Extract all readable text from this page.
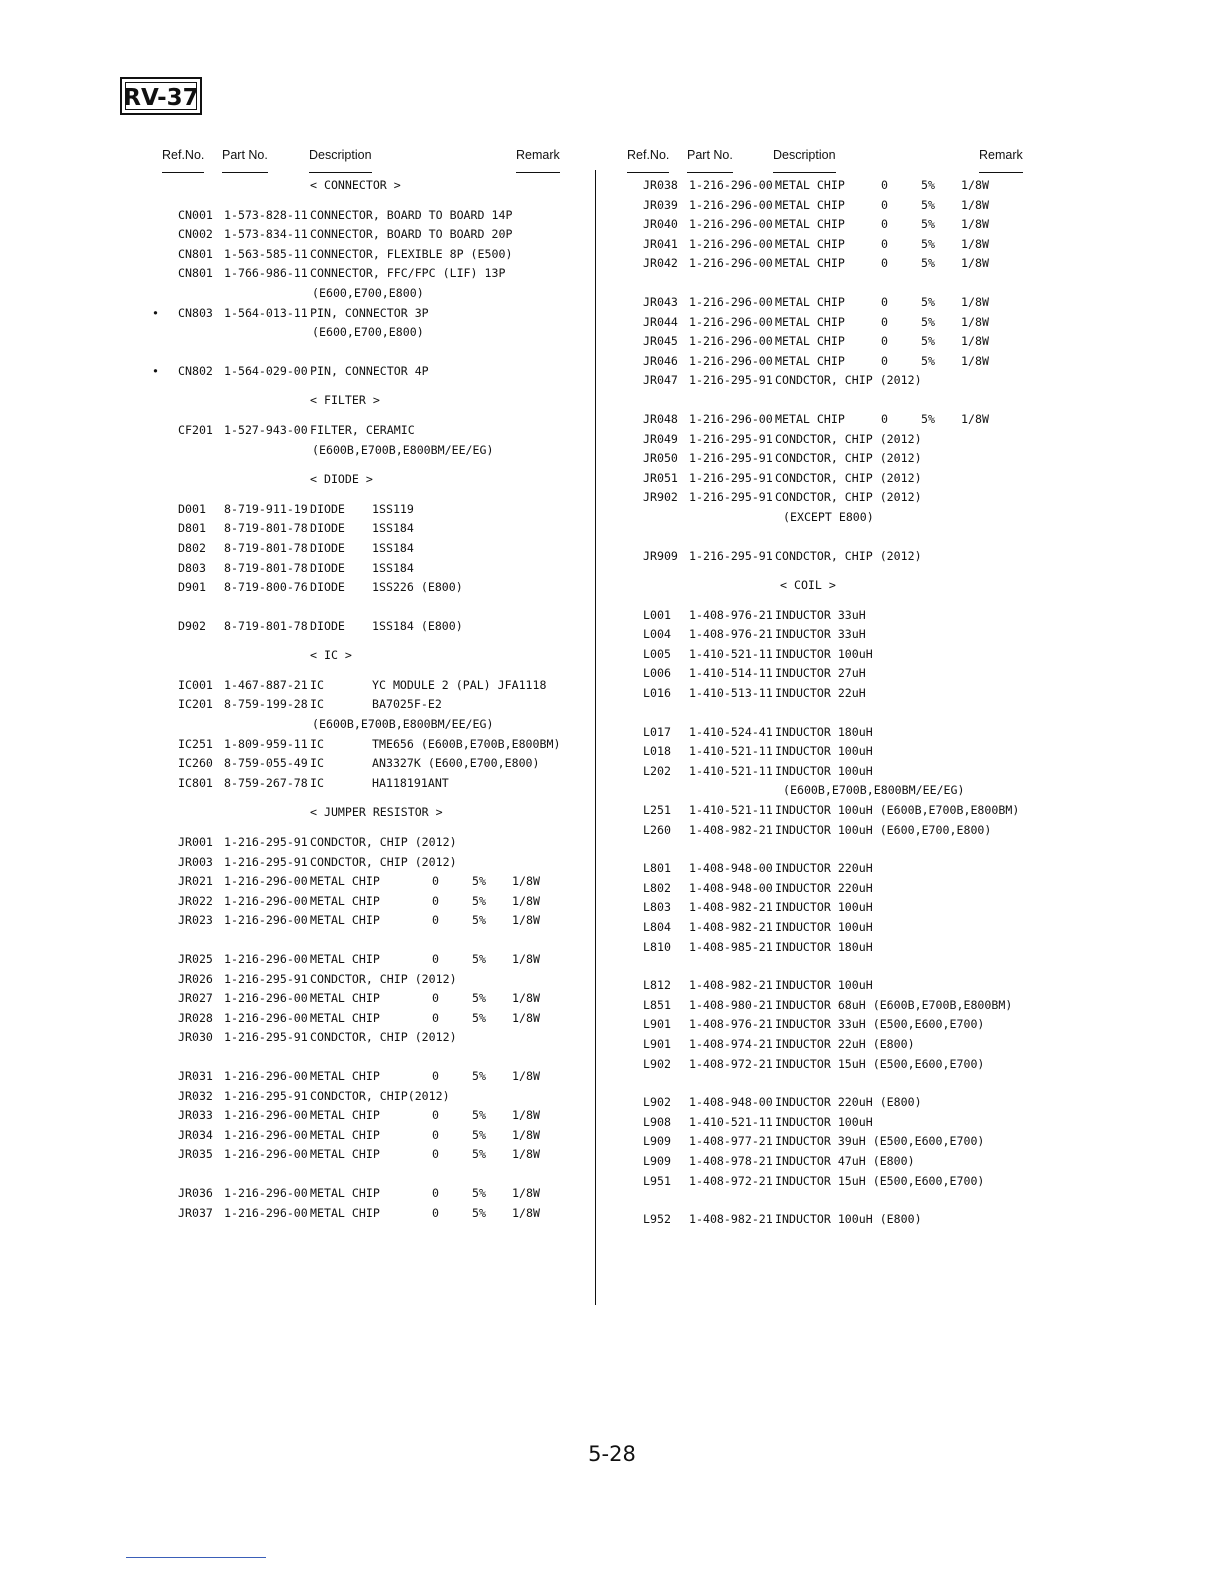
RV-37
Ref.No. Part No.	Description	Remark
< CONNECTOR >
CN001 1-573-828-11 CONNECTOR, BOARD TO BOARD 14P
CN002 1-573-834-11 CONNECTOR, BOARD TO BOARD 20P
CN801 1-563-585-11 CONNECTOR, FLEXIBLE 8P (E500)
CN801 1-766-986-11 CONNECTOR, FFC/FPC (LIF) 13P
(E600,E700,E800)
• CN803 1-564-013-11 PIN, CONNECTOR 3P
(E600,E700,E800)
• CN802 1-564-029-00 PIN, CONNECTOR 4P
< FILTER >
CF201 1-527-943-00 FILTER, CERAMIC
(E600B,E700B,E800BM/EE/EG)
< DIODE >
D001 8-719-911-19 DIODE 1SS119
D801 8-719-801-78 DIODE 1SS184
D802 8-719-801-78 DIODE 1SS184
D803 8-719-801-78 DIODE 1SS184
D901 8-719-800-76 DIODE 1SS226 (E800)
D902 8-719-801-78 DIODE 1SS184 (E800)
< IC >
IC001 1-467-887-21 IC	YC MODULE 2 (PAL) JFA1118
IC201 8-759-199-28 IC	BA7025F-E2
(E600B,E700B,E800BM/EE/EG)
IC251 1-809-959-11 IC	TME656 (E600B,E700B,E800BM)
IC260 8-759-055-49 IC	AN3327K (E600,E700,E800)
IC801 8-759-267-78 IC	HA118191ANT
< JUMPER RESISTOR >
JR001 1-216-295-91 CONDCTOR, CHIP (2012)
JR003 1-216-295-91 CONDCTOR, CHIP (2012)
JR021 1-216-296-00 METAL CHIP	0	5% 1/8W
JR022 1-216-296-00 METAL CHIP	0	5% 1/8W
JR023 1-216-296-00 METAL CHIP	0	5% 1/8W
JR025 1-216-296-00 METAL CHIP	0	5% 1/8W
JR026 1-216-295-91 CONDCTOR, CHIP (2012)
JR027 1-216-296-00 METAL CHIP	0	5% 1/8W
JR028 1-216-296-00 METAL CHIP	0	5% 1/8W
JR030 1-216-295-91 CONDCTOR, CHIP (2012)
JR031 1-216-296-00 METAL CHIP	0	5% 1/8W
JR032 1-216-295-91 CONDCTOR, CHIP(2012)
JR033 1-216-296-00 METAL CHIP	0	5% 1/8W
JR034 1-216-296-00 METAL CHIP	0	5% 1/8W
JR035 1-216-296-00 METAL CHIP	0	5% 1/8W
JR036 1-216-296-00 METAL CHIP	0	5% 1/8W
JR037 1-216-296-00 METAL CHIP	0	5% 1/8W
Ref.No. Part No.	Description	Remark
JR038 1-216-296-00 METAL CHIP	0	5% 1/8W
JR039 1-216-296-00 METAL CHIP	0	5% 1/8W
JR040 1-216-296-00 METAL CHIP	0	5% 1/8W
JR041 1-216-296-00 METAL CHIP	0	5% 1/8W
JR042 1-216-296-00 METAL CHIP	0	5% 1/8W
JR043 1-216-296-00 METAL CHIP	0	5% 1/8W
JR044 1-216-296-00 METAL CHIP	0	5% 1/8W
JR045 1-216-296-00 METAL CHIP	0	5% 1/8W
JR046 1-216-296-00 METAL CHIP	0	5% 1/8W
JR047 1-216-295-91 CONDCTOR, CHIP (2012)
JR048 1-216-296-00 METAL CHIP	0	5% 1/8W
JR049 1-216-295-91 CONDCTOR, CHIP (2012)
JR050 1-216-295-91 CONDCTOR, CHIP (2012)
JR051 1-216-295-91 CONDCTOR, CHIP (2012)
JR902 1-216-295-91 CONDCTOR, CHIP (2012)
(EXCEPT E800)
JR909 1-216-295-91 CONDCTOR, CHIP (2012)
< COIL >
L001 1-408-976-21 INDUCTOR 33uH
L004 1-408-976-21 INDUCTOR 33uH
L005 1-410-521-11 INDUCTOR 100uH
L006 1-410-514-11 INDUCTOR 27uH
L016 1-410-513-11 INDUCTOR 22uH
L017 1-410-524-41 INDUCTOR 180uH
L018 1-410-521-11 INDUCTOR 100uH
L202 1-410-521-11 INDUCTOR 100uH
(E600B,E700B,E800BM/EE/EG)
L251 1-410-521-11 INDUCTOR 100uH (E600B,E700B,E800BM)
L260 1-408-982-21 INDUCTOR 100uH (E600,E700,E800)
L801 1-408-948-00 INDUCTOR 220uH
L802 1-408-948-00 INDUCTOR 220uH
L803 1-408-982-21 INDUCTOR 100uH
L804 1-408-982-21 INDUCTOR 100uH
L810 1-408-985-21 INDUCTOR 180uH
L812 1-408-982-21 INDUCTOR 100uH
L851 1-408-980-21 INDUCTOR 68uH (E600B,E700B,E800BM)
L901 1-408-976-21 INDUCTOR 33uH (E500,E600,E700)
L901 1-408-974-21 INDUCTOR 22uH (E800)
L902 1-408-972-21 INDUCTOR 15uH (E500,E600,E700)
L902 1-408-948-00 INDUCTOR 220uH (E800)
L908 1-410-521-11 INDUCTOR 100uH
L909 1-408-977-21 INDUCTOR 39uH (E500,E600,E700)
L909 1-408-978-21 INDUCTOR 47uH (E800)
L951 1-408-972-21 INDUCTOR 15uH (E500,E600,E700)
L952 1-408-982-21 INDUCTOR 100uH (E800)
5-28
